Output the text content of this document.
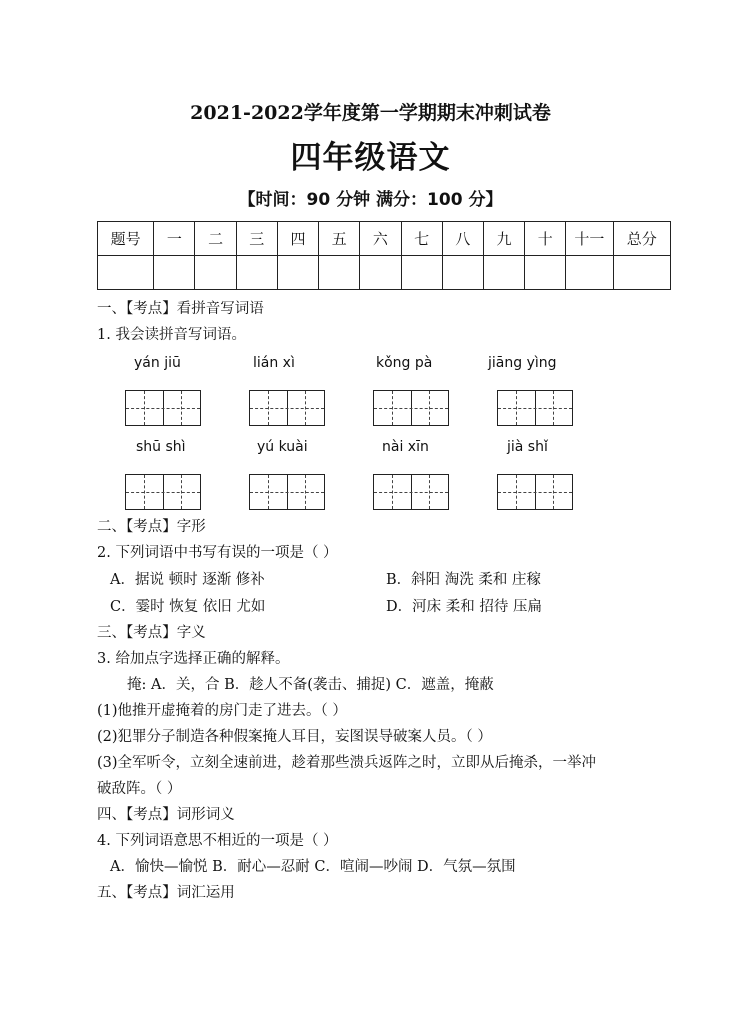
2021-2022学年度第一学期期末冲刺试卷
四年级语文
【时间：90 分钟 满分：100 分】
题号	一	二	三	四	五	六	七	八	九	十	十一	总分

一、【考点】看拼音写词语
1. 我会读拼音写词语。
yán jiū	lián xì	kǒng pà	jiāng yìng
shū shì	yú kuài	nài xīn	jià shǐ
二、【考点】字形
2. 下列词语中书写有误的一项是（ ）
A．据说 顿时 逐渐 修补	B．斜阳 淘洗 柔和 庄稼
C．霎时 恢复 依旧 尤如	D．河床 柔和 招待 压扁
三、【考点】字义
3. 给加点字选择正确的解释。
掩: A．关，合 B．趁人不备(袭击、捕捉) C．遮盖，掩蔽
(1)他推开虚掩着的房门走了进去。（ ）
(2)犯罪分子制造各种假案掩人耳目，妄图误导破案人员。（ ）
(3)全军听令，立刻全速前进，趁着那些溃兵返阵之时，立即从后掩杀，一举冲
破敌阵。（ ）
四、【考点】词形词义
4. 下列词语意思不相近的一项是（ ）
A．愉快—愉悦 B．耐心—忍耐 C．喧闹—吵闹 D．气氛—氛围
五、【考点】词汇运用
